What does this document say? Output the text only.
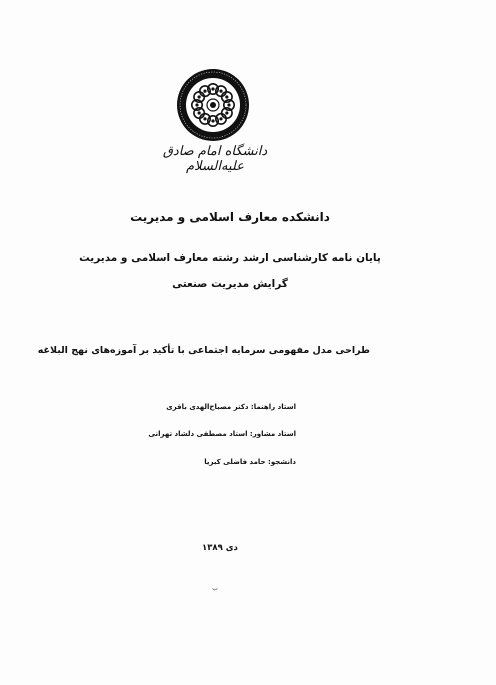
دانشگاه امام صادق علیه‌السلام
دانشکده معارف اسلامی و مدیریت
پایان نامه کارشناسی ارشد رشته معارف اسلامی و مدیریت
گرایش مدیریت صنعتی
طراحی مدل مفهومی سرمایه اجتماعی با تأکید بر آموزه‌های نهج البلاغه
استاد راهنما: دکتر مصباح‌الهدی باقری
استاد مشاور: استاد مصطفی دلشاد تهرانی
دانشجو: حامد فاضلی کبریا
دی ۱۳۸۹
ب
